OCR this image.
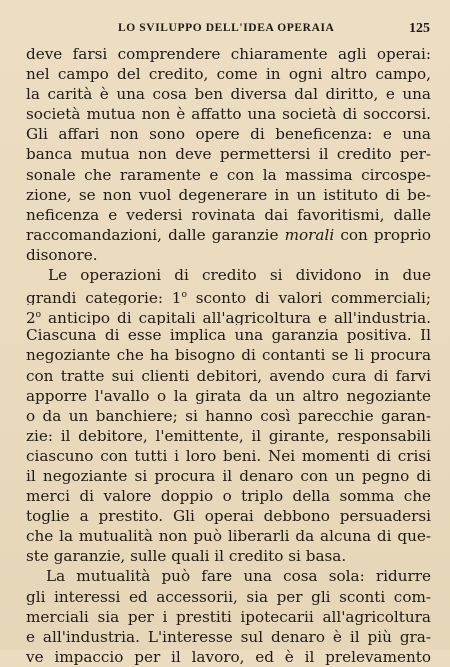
LO SVILUPPO DELL'IDEA OPERAIA	125
deve farsi comprendere chiaramente agli operai:
nel campo del credito, come in ogni altro campo,
la carità è una cosa ben diversa dal diritto, e una
società mutua non è affatto una società di soccorsi.
Gli affari non sono opere di beneficenza: e una
banca mutua non deve permettersi il credito per-
sonale che raramente e con la massima circospe-
zione, se non vuol degenerare in un istituto di be-
neficenza e vedersi rovinata dai favoritismi, dalle
raccomandazioni, dalle garanzie morali con proprio
disonore.
Le operazioni di credito si dividono in due
grandi categorie: 1$^o$ sconto di valori commerciali;
2$^o$ anticipo di capitali all'agricoltura e all'industria.
Ciascuna di esse implica una garanzia positiva. Il
negoziante che ha bisogno di contanti se li procura
con tratte sui clienti debitori, avendo cura di farvi
apporre l'avallo o la girata da un altro negoziante
o da un banchiere; si hanno così parecchie garan-
zie: il debitore, l'emittente, il girante, responsabili
ciascuno con tutti i loro beni. Nei momenti di crisi
il negoziante si procura il denaro con un pegno di
merci di valore doppio o triplo della somma che
toglie a prestito. Gli operai debbono persuadersi
che la mutualità non può liberarli da alcuna di que-
ste garanzie, sulle quali il credito si basa.
La mutualità può fare una cosa sola: ridurre
gli interessi ed accessorii, sia per gli sconti com-
merciali sia per i prestiti ipotecarii all'agricoltura
e all'industria. L'interesse sul denaro è il più gra-
ve impaccio per il lavoro, ed è il prelevamento
